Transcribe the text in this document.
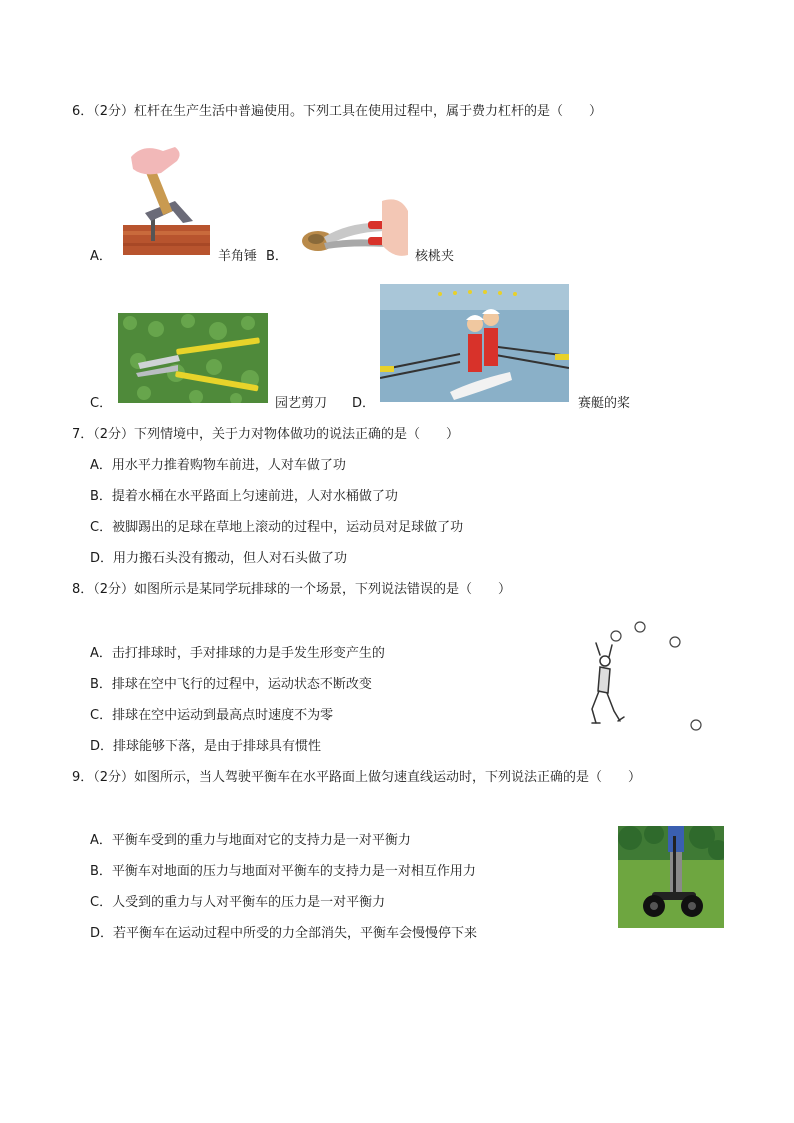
6．（2分）杠杆在生产生活中普遍使用。下列工具在使用过程中，属于费力杠杆的是（　　）
A．	羊角锤 B．	核桃夹
C．	园艺剪刀 D．	赛艇的桨
7．（2分）下列情境中，关于力对物体做功的说法正确的是（　　）
A．用水平力推着购物车前进，人对车做了功
B．提着水桶在水平路面上匀速前进，人对水桶做了功
C．被脚踢出的足球在草地上滚动的过程中，运动员对足球做了功
D．用力搬石头没有搬动，但人对石头做了功
8．（2分）如图所示是某同学玩排球的一个场景，下列说法错误的是（　　）
A．击打排球时，手对排球的力是手发生形变产生的
B．排球在空中飞行的过程中，运动状态不断改变
C．排球在空中运动到最高点时速度不为零
D．排球能够下落，是由于排球具有惯性
9．（2分）如图所示，当人驾驶平衡车在水平路面上做匀速直线运动时，下列说法正确的是（　　）
A．平衡车受到的重力与地面对它的支持力是一对平衡力
B．平衡车对地面的压力与地面对平衡车的支持力是一对相互作用力
C．人受到的重力与人对平衡车的压力是一对平衡力
D．若平衡车在运动过程中所受的力全部消失，平衡车会慢慢停下来
